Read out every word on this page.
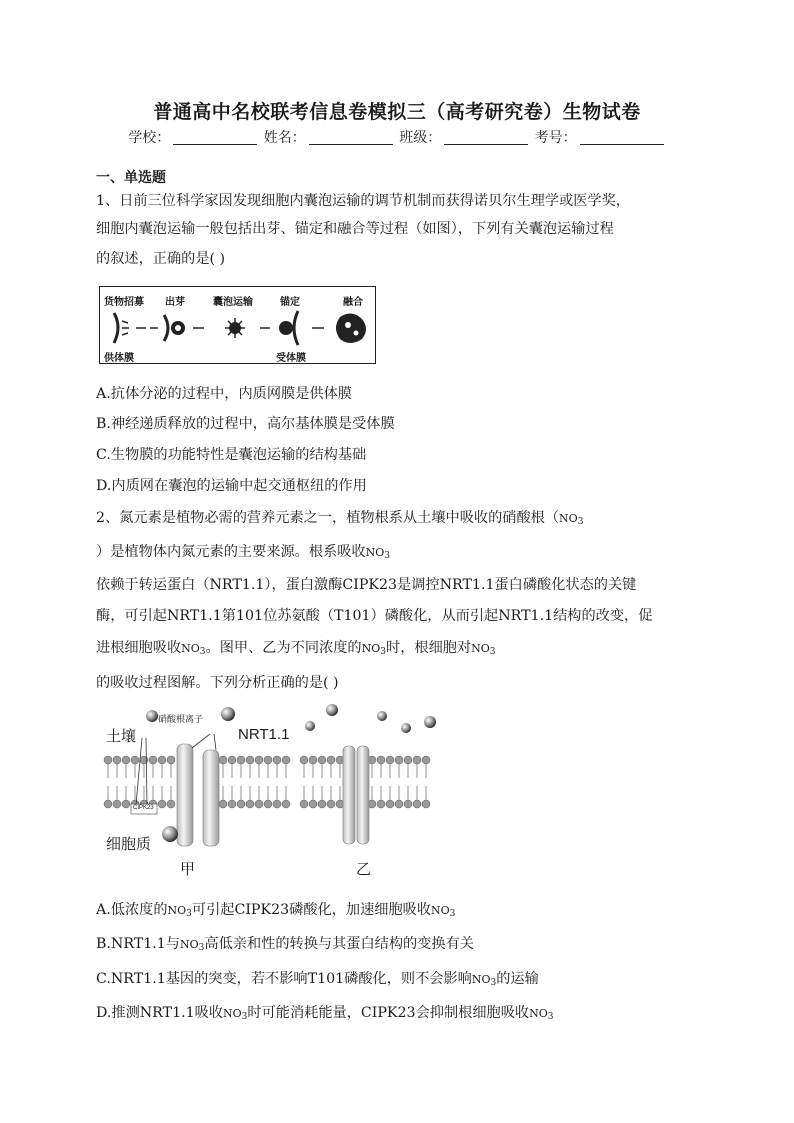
普通高中名校联考信息卷模拟三（高考研究卷）生物试卷
学校：	姓名：	班级：	考号：
一、单选题
1、日前三位科学家因发现细胞内囊泡运输的调节机制而获得诺贝尔生理学或医学奖，
细胞内囊泡运输一般包括出芽、锚定和融合等过程（如图），下列有关囊泡运输过程
的叙述，正确的是( )
货物招募 出芽	囊泡运输	锚定	融合
供体膜	受体膜
A.抗体分泌的过程中，内质网膜是供体膜
B.神经递质释放的过程中，高尔基体膜是受体膜
C.生物膜的功能特性是囊泡运输的结构基础
D.内质网在囊泡的运输中起交通枢纽的作用
2、氮元素是植物必需的营养元素之一，植物根系从土壤中吸收的硝酸根（$NO_3$
）是植物体内氮元素的主要来源。根系吸收$NO_3$
依赖于转运蛋白（NRT1.1），蛋白激酶CIPK23是调控NRT1.1蛋白磷酸化状态的关键
酶，可引起NRT1.1第101位苏氨酸（T101）磷酸化，从而引起NRT1.1结构的改变，促
进根细胞吸收$NO_3$。图甲、乙为不同浓度的$NO_3$时，根细胞对$NO_3$
的吸收过程图解。下列分析正确的是( )
土壤
硝酸根离子
NRT1.1
CIPK23
细胞质
甲	乙
A.低浓度的$NO_3$可引起CIPK23磷酸化，加速细胞吸收$NO_3$
B.NRT1.1与$NO_3$高低亲和性的转换与其蛋白结构的变换有关
C.NRT1.1基因的突变，若不影响T101磷酸化，则不会影响$NO_3$的运输
D.推测NRT1.1吸收$NO_3$时可能消耗能量，CIPK23会抑制根细胞吸收$NO_3$
